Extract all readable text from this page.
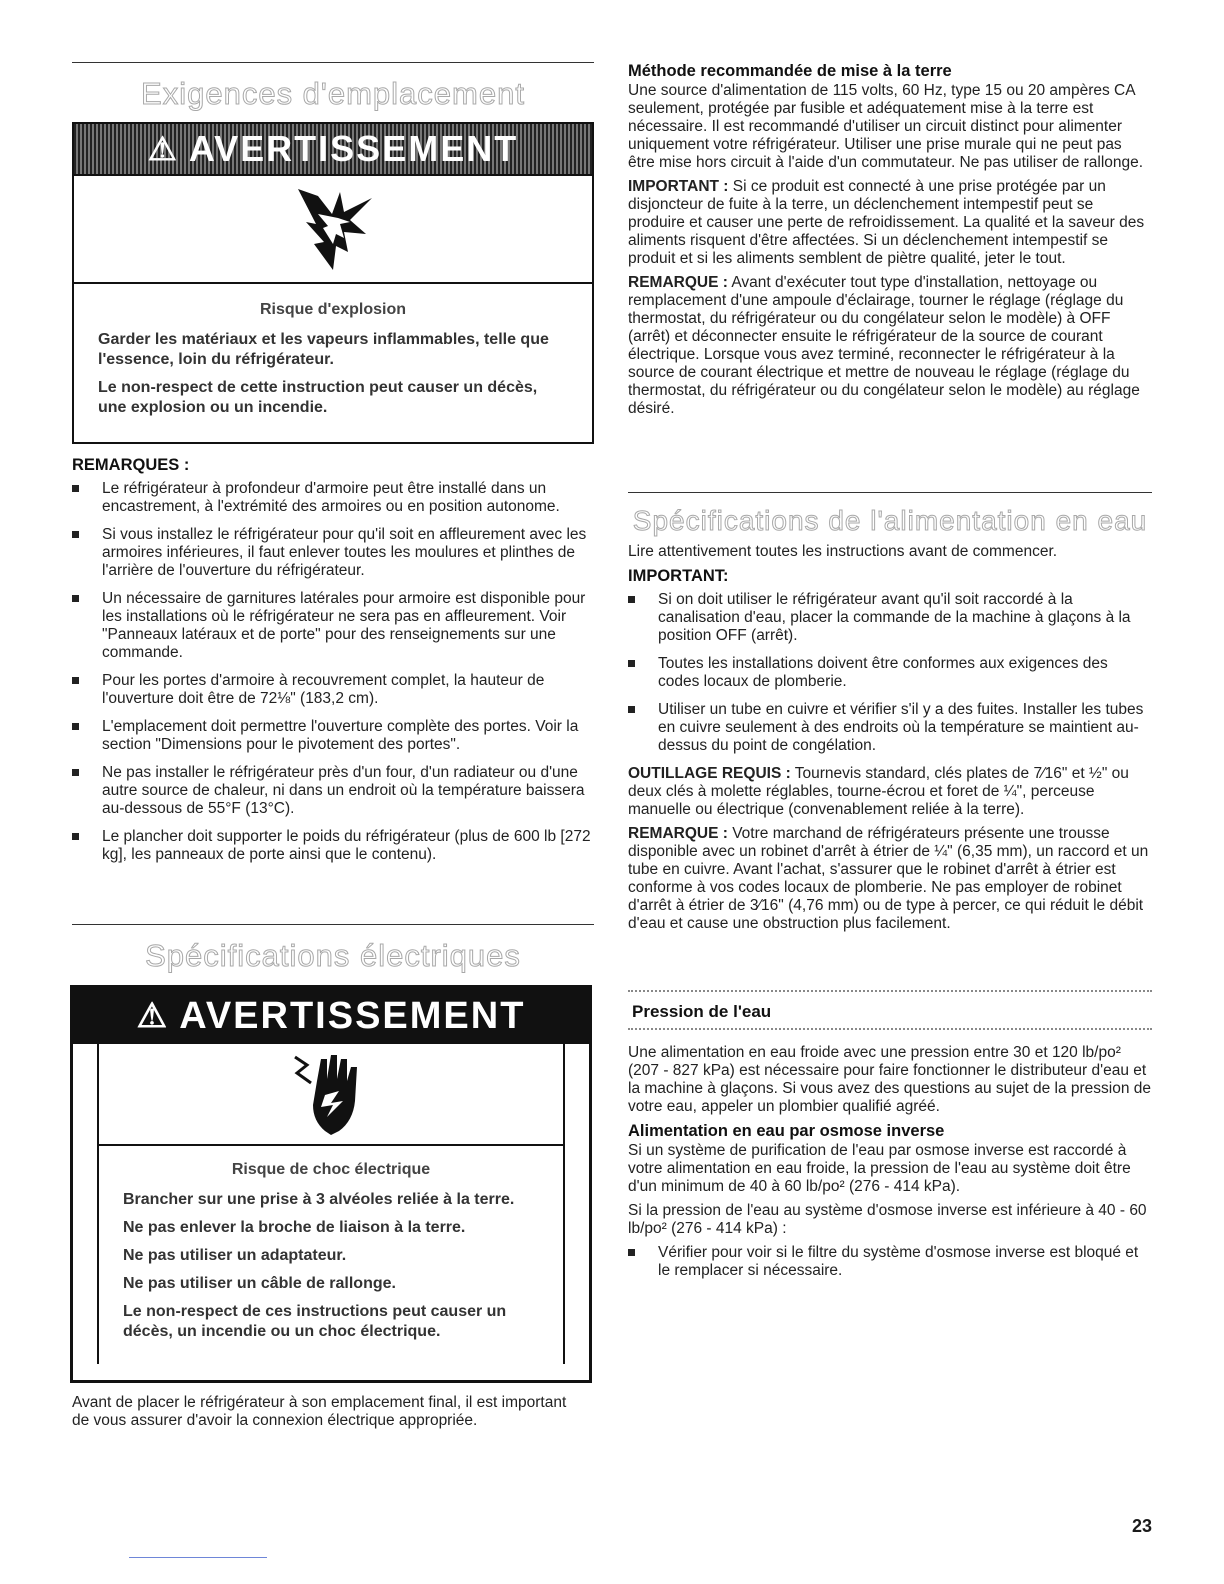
Exigences d'emplacement
⚠ AVERTISSEMENT

Risque d'explosion

Garder les matériaux et les vapeurs inflammables, telle que l'essence, loin du réfrigérateur.

Le non-respect de cette instruction peut causer un décès, une explosion ou un incendie.

REMARQUES :
Le réfrigérateur à profondeur d'armoire peut être installé dans un encastrement, à l'extrémité des armoires ou en position autonome.
Si vous installez le réfrigérateur pour qu'il soit en affleurement avec les armoires inférieures, il faut enlever toutes les moulures et plinthes de l'arrière de l'ouverture du réfrigérateur.
Un nécessaire de garnitures latérales pour armoire est disponible pour les installations où le réfrigérateur ne sera pas en affleurement. Voir "Panneaux latéraux et de porte" pour des renseignements sur une commande.
Pour les portes d'armoire à recouvrement complet, la hauteur de l'ouverture doit être de 72⅛" (183,2 cm).
L'emplacement doit permettre l'ouverture complète des portes. Voir la section "Dimensions pour le pivotement des portes".
Ne pas installer le réfrigérateur près d'un four, d'un radiateur ou d'une autre source de chaleur, ni dans un endroit où la température baissera au-dessous de 55°F (13°C).
Le plancher doit supporter le poids du réfrigérateur (plus de 600 lb [272 kg], les panneaux de porte ainsi que le contenu).
Spécifications électriques
⚠ AVERTISSEMENT

Risque de choc électrique

Brancher sur une prise à 3 alvéoles reliée à la terre.

Ne pas enlever la broche de liaison à la terre.

Ne pas utiliser un adaptateur.

Ne pas utiliser un câble de rallonge.

Le non-respect de ces instructions peut causer un décès, un incendie ou un choc électrique.

Avant de placer le réfrigérateur à son emplacement final, il est important de vous assurer d'avoir la connexion électrique appropriée.
Méthode recommandée de mise à la terre

Une source d'alimentation de 115 volts, 60 Hz, type 15 ou 20 ampères CA seulement, protégée par fusible et adéquatement mise à la terre est nécessaire. Il est recommandé d'utiliser un circuit distinct pour alimenter uniquement votre réfrigérateur. Utiliser une prise murale qui ne peut pas être mise hors circuit à l'aide d'un commutateur. Ne pas utiliser de rallonge.

IMPORTANT : Si ce produit est connecté à une prise protégée par un disjoncteur de fuite à la terre, un déclenchement intempestif peut se produire et causer une perte de refroidissement. La qualité et la saveur des aliments risquent d'être affectées. Si un déclenchement intempestif se produit et si les aliments semblent de piètre qualité, jeter le tout.

REMARQUE : Avant d'exécuter tout type d'installation, nettoyage ou remplacement d'une ampoule d'éclairage, tourner le réglage (réglage du thermostat, du réfrigérateur ou du congélateur selon le modèle) à OFF (arrêt) et déconnecter ensuite le réfrigérateur de la source de courant électrique. Lorsque vous avez terminé, reconnecter le réfrigérateur à la source de courant électrique et mettre de nouveau le réglage (réglage du thermostat, du réfrigérateur ou du congélateur selon le modèle) au réglage désiré.

Spécifications de l'alimentation en eau

Lire attentivement toutes les instructions avant de commencer.

IMPORTANT:
Si on doit utiliser le réfrigérateur avant qu'il soit raccordé à la canalisation d'eau, placer la commande de la machine à glaçons à la position OFF (arrêt).
Toutes les installations doivent être conformes aux exigences des codes locaux de plomberie.
Utiliser un tube en cuivre et vérifier s'il y a des fuites. Installer les tubes en cuivre seulement à des endroits où la température se maintient au-dessus du point de congélation.

OUTILLAGE REQUIS : Tournevis standard, clés plates de 7⁄16" et ½" ou deux clés à molette réglables, tourne-écrou et foret de ¼", perceuse manuelle ou électrique (convenablement reliée à la terre).

REMARQUE : Votre marchand de réfrigérateurs présente une trousse disponible avec un robinet d'arrêt à étrier de ¼" (6,35 mm), un raccord et un tube en cuivre. Avant l'achat, s'assurer que le robinet d'arrêt à étrier est conforme à vos codes locaux de plomberie. Ne pas employer de robinet d'arrêt à étrier de 3⁄16" (4,76 mm) ou de type à percer, ce qui réduit le débit d'eau et cause une obstruction plus facilement.

Pression de l'eau

Une alimentation en eau froide avec une pression entre 30 et 120 lb/po² (207 - 827 kPa) est nécessaire pour faire fonctionner le distributeur d'eau et la machine à glaçons. Si vous avez des questions au sujet de la pression de votre eau, appeler un plombier qualifié agréé.

Alimentation en eau par osmose inverse

Si un système de purification de l'eau par osmose inverse est raccordé à votre alimentation en eau froide, la pression de l'eau au système doit être d'un minimum de 40 à 60 lb/po² (276 - 414 kPa).

Si la pression de l'eau au système d'osmose inverse est inférieure à 40 - 60 lb/po² (276 - 414 kPa) :

Vérifier pour voir si le filtre du système d'osmose inverse est bloqué et le remplacer si nécessaire.
23
